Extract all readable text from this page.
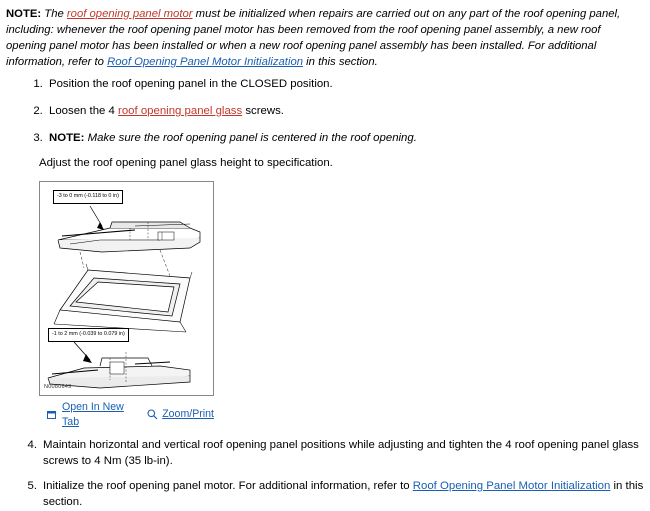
NOTE: The roof opening panel motor must be initialized when repairs are carried out on any part of the roof opening panel, including: whenever the roof opening panel motor has been removed from the roof opening panel assembly, a new roof opening panel motor has been installed or when a new roof opening panel assembly has been installed. For additional information, refer to Roof Opening Panel Motor Initialization in this section.
1. Position the roof opening panel in the CLOSED position.
2. Loosen the 4 roof opening panel glass screws.
3. NOTE: Make sure the roof opening panel is centered in the roof opening.
Adjust the roof opening panel glass height to specification.
-3 to 0 mm (-0.118 to 0 in)
-1 to 2 mm (-0.039 to 0.079 in)
N0080649
Open In New Tab
Zoom/Print
4. Maintain horizontal and vertical roof opening panel positions while adjusting and tighten the 4 roof opening panel glass screws to 4 Nm (35 lb-in).
5. Initialize the roof opening panel motor. For additional information, refer to Roof Opening Panel Motor Initialization in this section.
